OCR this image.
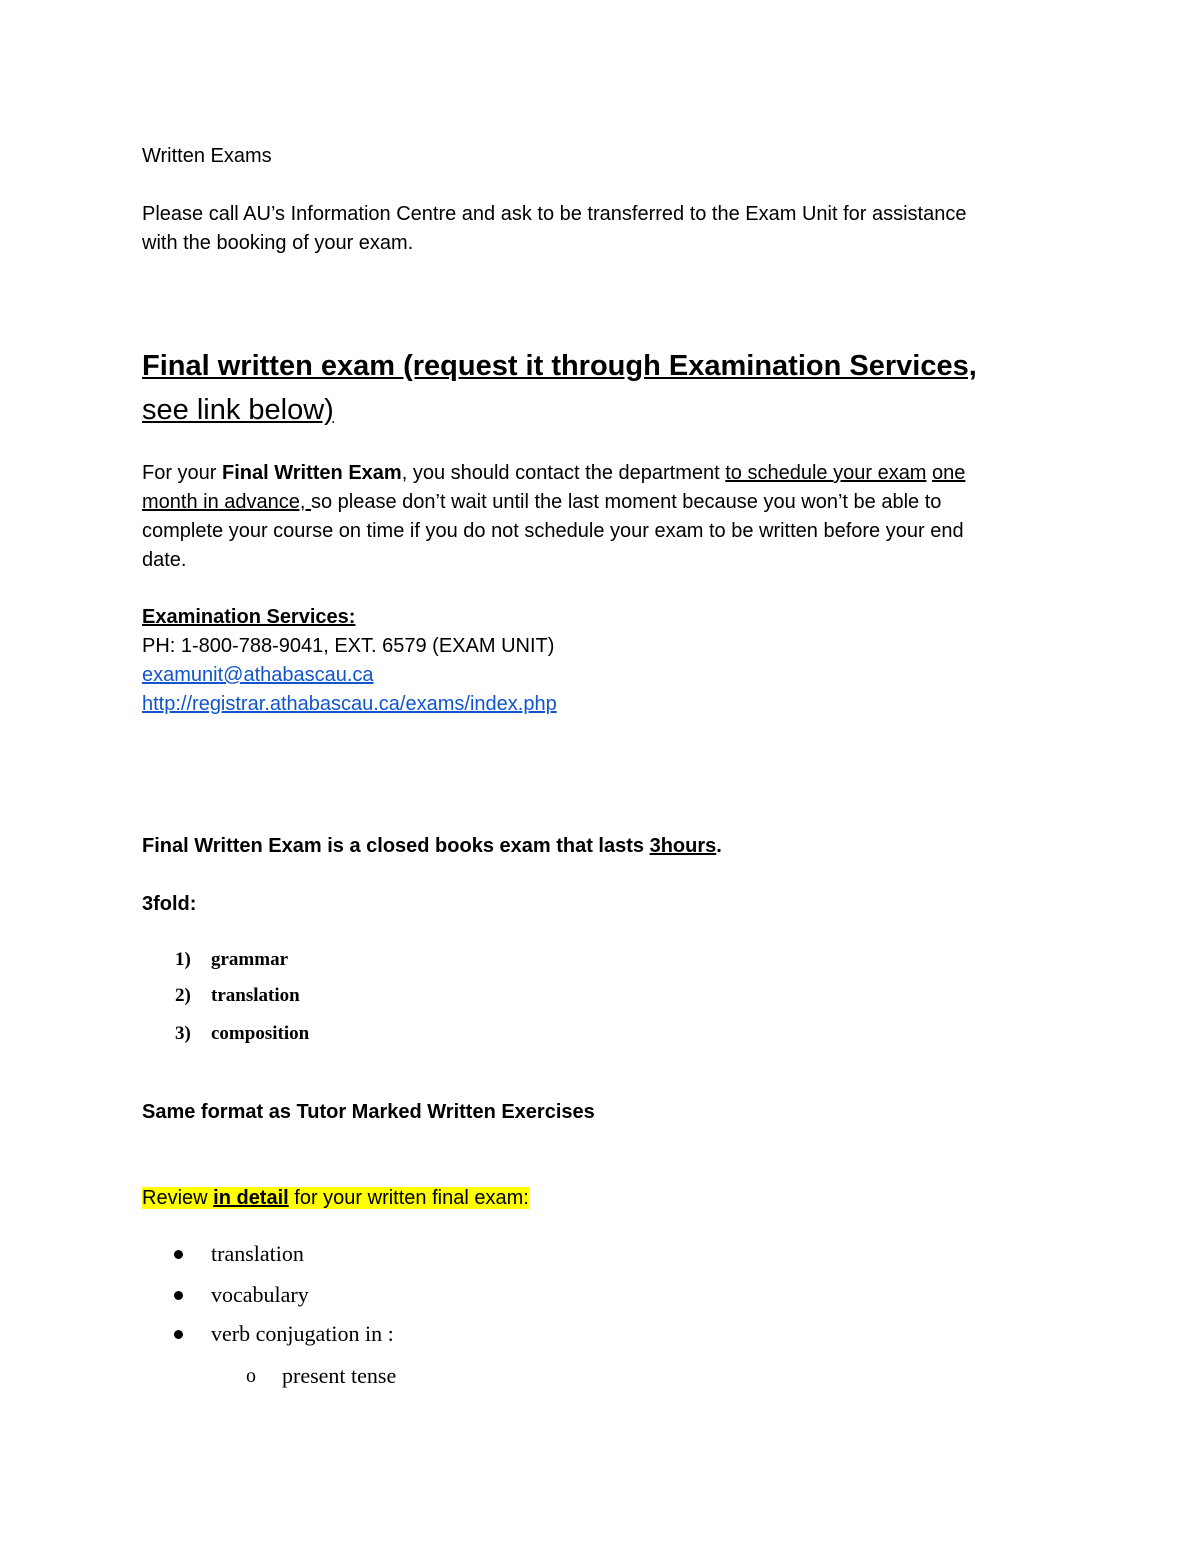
Written Exams
Please call AU’s Information Centre and ask to be transferred to the Exam Unit for assistance
with the booking of your exam.
Final written exam (request it through Examination Services,
see link below)
For your Final Written Exam, you should contact the department to schedule your exam one
month in advance, so please don’t wait until the last moment because you won’t be able to
complete your course on time if you do not schedule your exam to be written before your end
date.
Examination Services:
PH: 1-800-788-9041, EXT. 6579 (EXAM UNIT)
examunit@athabascau.ca
http://registrar.athabascau.ca/exams/index.php
Final Written Exam is a closed books exam that lasts 3hours.
3fold:
1) grammar
2) translation
3) composition
Same format as Tutor Marked Written Exercises
Review in detail for your written final exam:
translation
vocabulary
verb conjugation in :
o present tense
